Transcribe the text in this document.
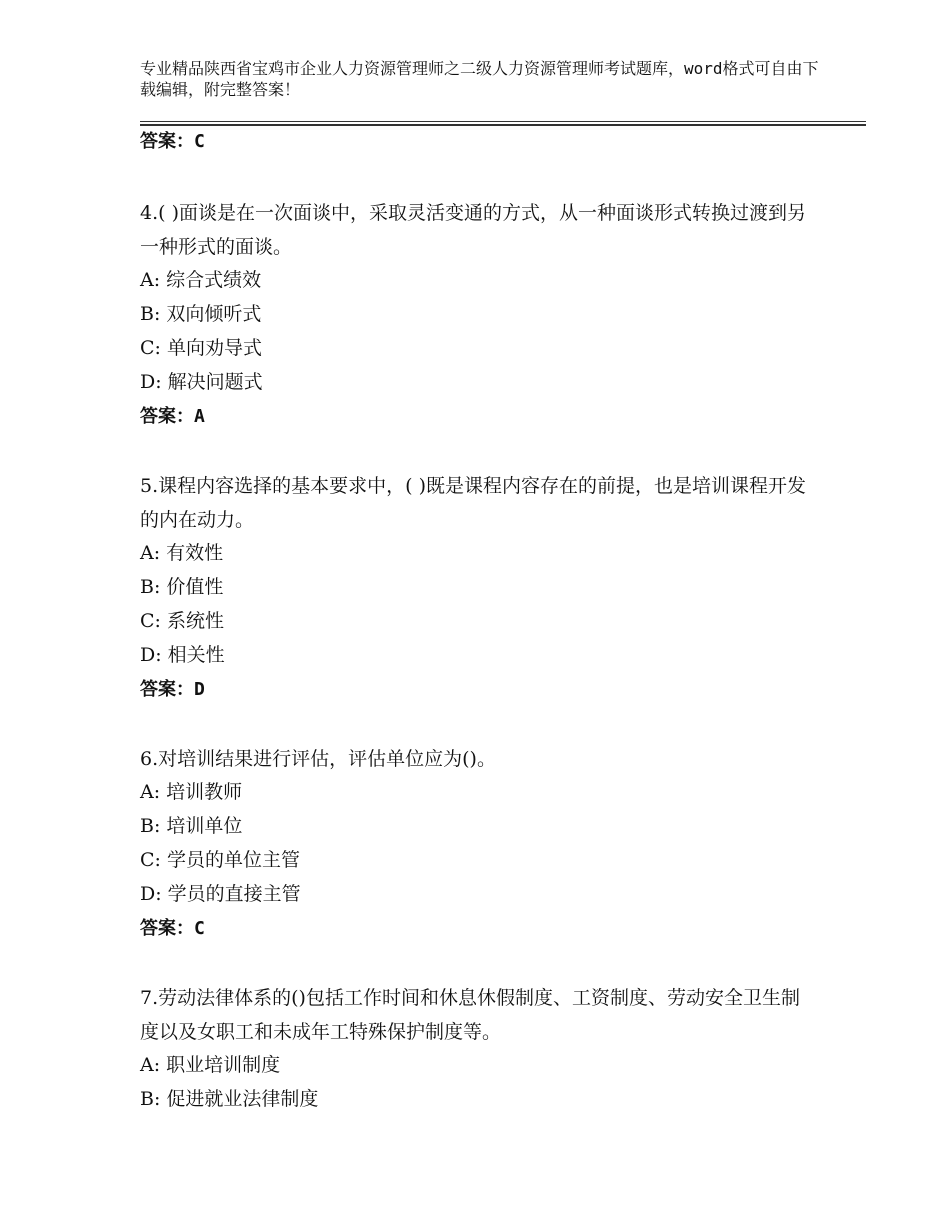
专业精品陕西省宝鸡市企业人力资源管理师之二级人力资源管理师考试题库，word格式可自由下载编辑，附完整答案！
答案：C
4.( )面谈是在一次面谈中，采取灵活变通的方式，从一种面谈形式转换过渡到另一种形式的面谈。
A: 综合式绩效
B: 双向倾听式
C: 单向劝导式
D: 解决问题式
答案：A
5.课程内容选择的基本要求中，( )既是课程内容存在的前提，也是培训课程开发的内在动力。
A: 有效性
B: 价值性
C: 系统性
D: 相关性
答案：D
6.对培训结果进行评估，评估单位应为()。
A: 培训教师
B: 培训单位
C: 学员的单位主管
D: 学员的直接主管
答案：C
7.劳动法律体系的()包括工作时间和休息休假制度、工资制度、劳动安全卫生制度以及女职工和未成年工特殊保护制度等。
A: 职业培训制度
B: 促进就业法律制度
